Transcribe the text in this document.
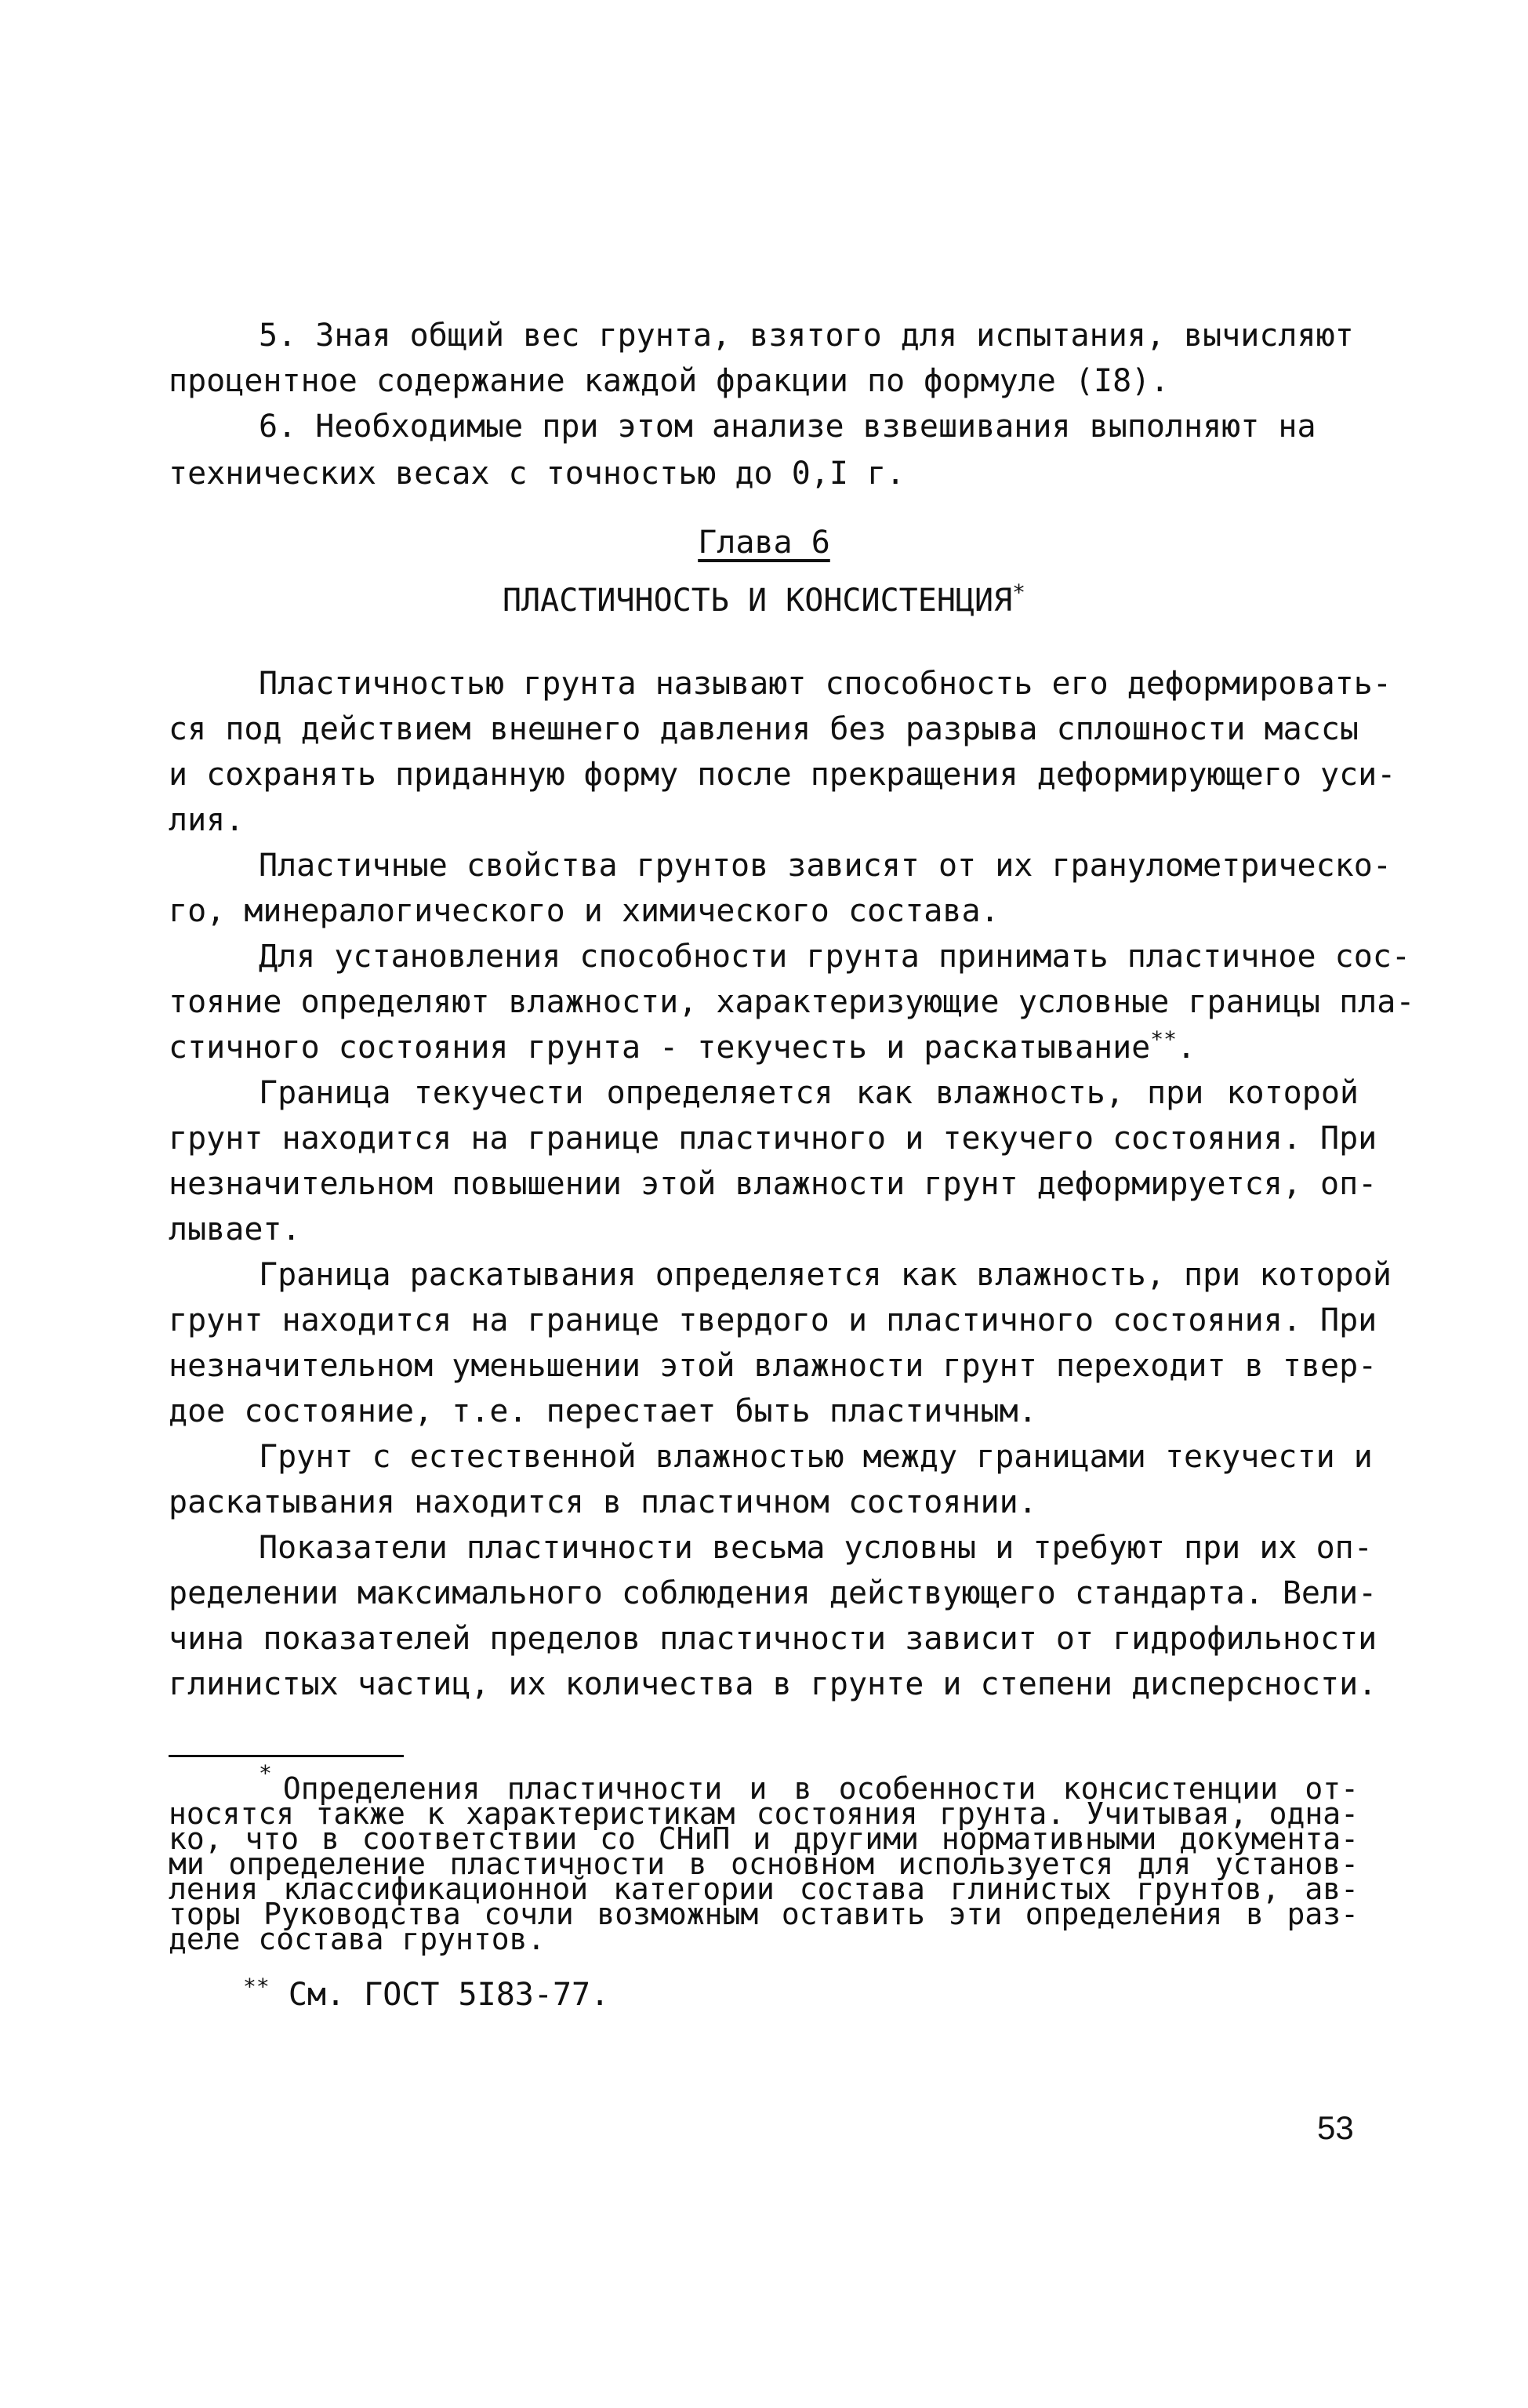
5. Зная общий вес грунта, взятого для испытания, вычисляют
процентное содержание каждой фракции по формуле (I8).
6. Необходимые при этом анализе взвешивания выполняют на
технических весах с точностью до 0,I г.
Глава 6
ПЛАСТИЧНОСТЬ И КОНСИСТЕНЦИЯ*
Пластичностью грунта называют способность его деформировать-
ся под действием внешнего давления без разрыва сплошности массы
и сохранять приданную форму после прекращения деформирующего уси-
лия.
Пластичные свойства грунтов зависят от их гранулометрическо-
го, минералогического и химического состава.
Для установления способности грунта принимать пластичное сос-
тояние определяют влажности, характеризующие условные границы пла-
стичного состояния грунта - текучесть и раскатывание**.
Граница текучести определяется как влажность, при которой
грунт находится на границе пластичного и текучего состояния. При
незначительном повышении этой влажности грунт деформируется, оп-
лывает.
Граница раскатывания определяется как влажность, при которой
грунт находится на границе твердого и пластичного состояния. При
незначительном уменьшении этой влажности грунт переходит в твер-
дое состояние, т.е. перестает быть пластичным.
Грунт с естественной влажностью между границами текучести и
раскатывания находится в пластичном состоянии.
Показатели пластичности весьма условны и требуют при их оп-
ределении максимального соблюдения действующего стандарта. Вели-
чина показателей пределов пластичности зависит от гидрофильности
глинистых частиц, их количества в грунте и степени дисперсности.
* Определения пластичности и в особенности консистенции от-
носятся также к характеристикам состояния грунта. Учитывая, одна-
ко, что в соответствии со СНиП и другими нормативными документа-
ми определение пластичности в основном используется для установ-
ления классификационной категории состава глинистых грунтов, ав-
торы Руководства сочли возможным оставить эти определения в раз-
деле состава грунтов.
** См. ГОСТ 5I83-77.
53
